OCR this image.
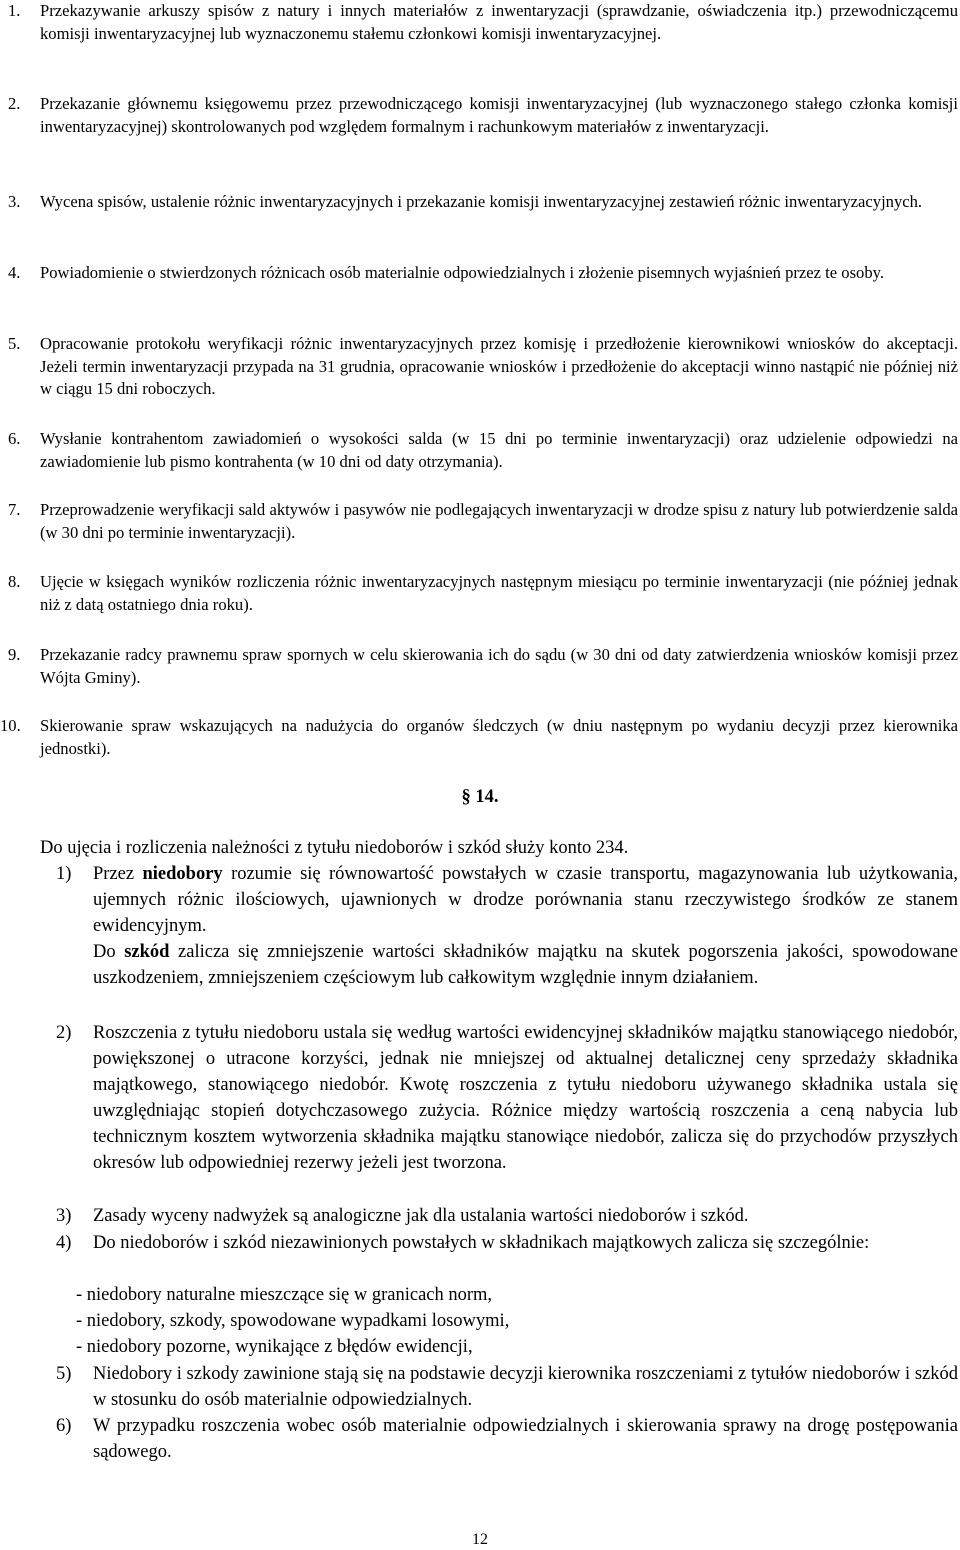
1. Przekazywanie arkuszy spisów z natury i innych materiałów z inwentaryzacji (sprawdzanie, oświadczenia itp.) przewodniczącemu komisji inwentaryzacyjnej lub wyznaczonemu stałemu członkowi komisji inwentaryzacyjnej.
2. Przekazanie głównemu księgowemu przez przewodniczącego komisji inwentaryzacyjnej (lub wyznaczonego stałego członka komisji inwentaryzacyjnej) skontrolowanych pod względem formalnym i rachunkowym materiałów z inwentaryzacji.
3. Wycena spisów, ustalenie różnic inwentaryzacyjnych i przekazanie komisji inwentaryzacyjnej zestawień różnic inwentaryzacyjnych.
4. Powiadomienie o stwierdzonych różnicach osób materialnie odpowiedzialnych i złożenie pisemnych wyjaśnień przez te osoby.
5. Opracowanie protokołu weryfikacji różnic inwentaryzacyjnych przez komisję i przedłożenie kierownikowi wniosków do akceptacji. Jeżeli termin inwentaryzacji przypada na 31 grudnia, opracowanie wniosków i przedłożenie do akceptacji winno nastąpić nie później niż w ciągu 15 dni roboczych.
6. Wysłanie kontrahentom zawiadomień o wysokości salda (w 15 dni po terminie inwentaryzacji) oraz udzielenie odpowiedzi na zawiadomienie lub pismo kontrahenta (w 10 dni od daty otrzymania).
7. Przeprowadzenie weryfikacji sald aktywów i pasywów nie podlegających inwentaryzacji w drodze spisu z natury lub potwierdzenie salda (w 30 dni po terminie inwentaryzacji).
8. Ujęcie w księgach wyników rozliczenia różnic inwentaryzacyjnych następnym miesiącu po terminie inwentaryzacji (nie później jednak niż z datą ostatniego dnia roku).
9. Przekazanie radcy prawnemu spraw spornych w celu skierowania ich do sądu (w 30 dni od daty zatwierdzenia wniosków komisji przez Wójta Gminy).
10. Skierowanie spraw wskazujących na nadużycia do organów śledczych (w dniu następnym po wydaniu decyzji przez kierownika jednostki).
§ 14.
Do ujęcia i rozliczenia należności z tytułu niedoborów i szkód służy konto 234.
1) Przez niedobory rozumie się równowartość powstałych w czasie transportu, magazynowania lub użytkowania, ujemnych różnic ilościowych, ujawnionych w drodze porównania stanu rzeczywistego środków ze stanem ewidencyjnym.

Do szkód zalicza się zmniejszenie wartości składników majątku na skutek pogorszenia jakości, spowodowane uszkodzeniem, zmniejszeniem częściowym lub całkowitym względnie innym działaniem.

2) Roszczenia z tytułu niedoboru ustala się według wartości ewidencyjnej składników majątku stanowiącego niedobór, powiększonej o utracone korzyści, jednak nie mniejszej od aktualnej detalicznej ceny sprzedaży składnika majątkowego, stanowiącego niedobór. Kwotę roszczenia z tytułu niedoboru używanego składnika ustala się uwzględniając stopień dotychczasowego zużycia. Różnice między wartością roszczenia a ceną nabycia lub technicznym kosztem wytworzenia składnika majątku stanowiące niedobór, zalicza się do przychodów przyszłych okresów lub odpowiedniej rezerwy jeżeli jest tworzona.
3) Zasady wyceny nadwyżek są analogiczne jak dla ustalania wartości niedoborów i szkód.
4) Do niedoborów i szkód niezawinionych powstałych w składnikach majątkowych zalicza się szczególnie:
- niedobory naturalne mieszczące się w granicach norm,
- niedobory, szkody, spowodowane wypadkami losowymi,
- niedobory pozorne, wynikające z błędów ewidencji,
5) Niedobory i szkody zawinione stają się na podstawie decyzji kierownika roszczeniami z tytułów niedoborów i szkód w stosunku do osób materialnie odpowiedzialnych.
6) W przypadku roszczenia wobec osób materialnie odpowiedzialnych i skierowania sprawy na drogę postępowania sądowego.
12
